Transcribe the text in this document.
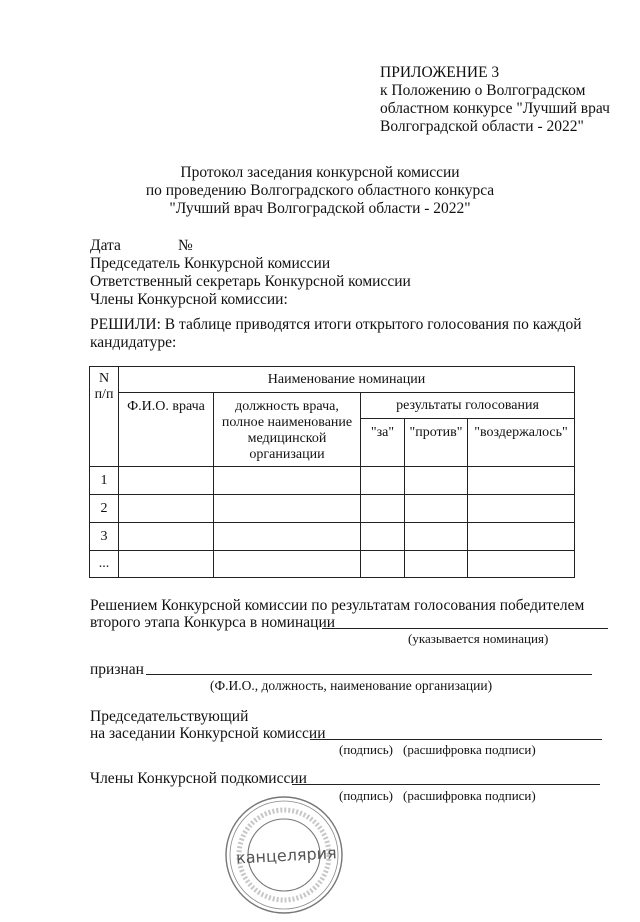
ПРИЛОЖЕНИЕ 3
к Положению о Волгоградском
областном конкурсе "Лучший врач
Волгоградской области - 2022"
Протокол заседания конкурсной комиссии
по проведению Волгоградского областного конкурса
"Лучший врач Волгоградской области - 2022"
Дата	№
Председатель Конкурсной комиссии
Ответственный секретарь Конкурсной комиссии
Члены Конкурсной комиссии:
РЕШИЛИ: В таблице приводятся итоги открытого голосования по каждой
кандидатуре:
N
п/п	Наименование номинации				
	Ф.И.О. врача	должность врача,
полное наименование
медицинской
организации	результаты голосования		
			"за"	"против"	"воздержалось"
1					
2					
3					
...					
Решением Конкурсной комиссии по результатам голосования победителем
второго этапа Конкурса в номинации
(указывается номинация)
признан
(Ф.И.О., должность, наименование организации)
Председательствующий
на заседании Конкурсной комиссии
(подпись) (расшифровка подписи)
Члены Конкурсной подкомиссии
(подпись) (расшифровка подписи)
канцелярия
